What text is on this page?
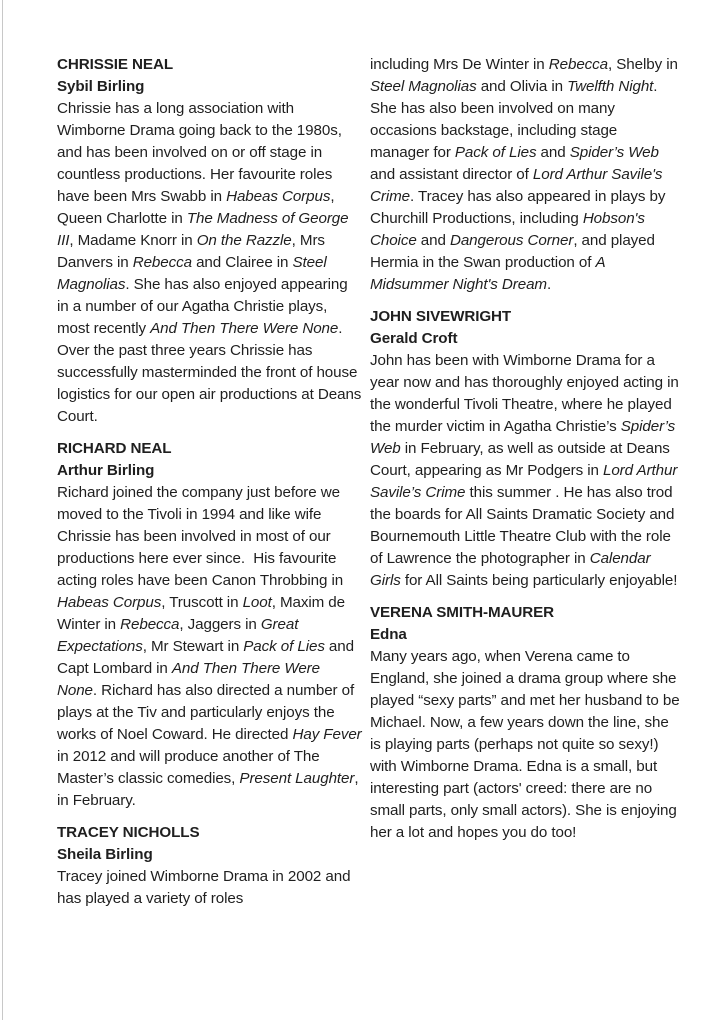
CHRISSIE NEAL
Sybil Birling
Chrissie has a long association with Wimborne Drama going back to the 1980s, and has been involved on or off stage in countless productions. Her favourite roles have been Mrs Swabb in Habeas Corpus, Queen Charlotte in The Madness of George III, Madame Knorr in On the Razzle, Mrs Danvers in Rebecca and Clairee in Steel Magnolias. She has also enjoyed appearing in a number of our Agatha Christie plays, most recently And Then There Were None. Over the past three years Chrissie has successfully masterminded the front of house logistics for our open air productions at Deans Court.
RICHARD NEAL
Arthur Birling
Richard joined the company just before we moved to the Tivoli in 1994 and like wife Chrissie has been involved in most of our productions here ever since.  His favourite acting roles have been Canon Throbbing in Habeas Corpus, Truscott in Loot, Maxim de Winter in Rebecca, Jaggers in Great Expectations, Mr Stewart in Pack of Lies and Capt Lombard in And Then There Were None. Richard has also directed a number of plays at the Tiv and particularly enjoys the works of Noel Coward. He directed Hay Fever in 2012 and will produce another of The Master’s classic comedies, Present Laughter, in February.
TRACEY NICHOLLS
Sheila Birling
Tracey joined Wimborne Drama in 2002 and has played a variety of roles
including Mrs De Winter in Rebecca, Shelby in Steel Magnolias and Olivia in Twelfth Night. She has also been involved on many occasions backstage, including stage manager for Pack of Lies and Spider’s Web and assistant director of Lord Arthur Savile's Crime. Tracey has also appeared in plays by Churchill Productions, including Hobson's Choice and Dangerous Corner, and played Hermia in the Swan production of A Midsummer Night's Dream.
JOHN SIVEWRIGHT
Gerald Croft
John has been with Wimborne Drama for a year now and has thoroughly enjoyed acting in the wonderful Tivoli Theatre, where he played the murder victim in Agatha Christie’s Spider’s Web in February, as well as outside at Deans Court, appearing as Mr Podgers in Lord Arthur Savile’s Crime this summer . He has also trod the boards for All Saints Dramatic Society and Bournemouth Little Theatre Club with the role of Lawrence the photographer in Calendar Girls for All Saints being particularly enjoyable!
VERENA SMITH-MAURER
Edna
Many years ago, when Verena came to England, she joined a drama group where she played “sexy parts” and met her husband to be Michael. Now, a few years down the line, she is playing parts (perhaps not quite so sexy!) with Wimborne Drama. Edna is a small, but interesting part (actors' creed: there are no small parts, only small actors). She is enjoying her a lot and hopes you do too!
